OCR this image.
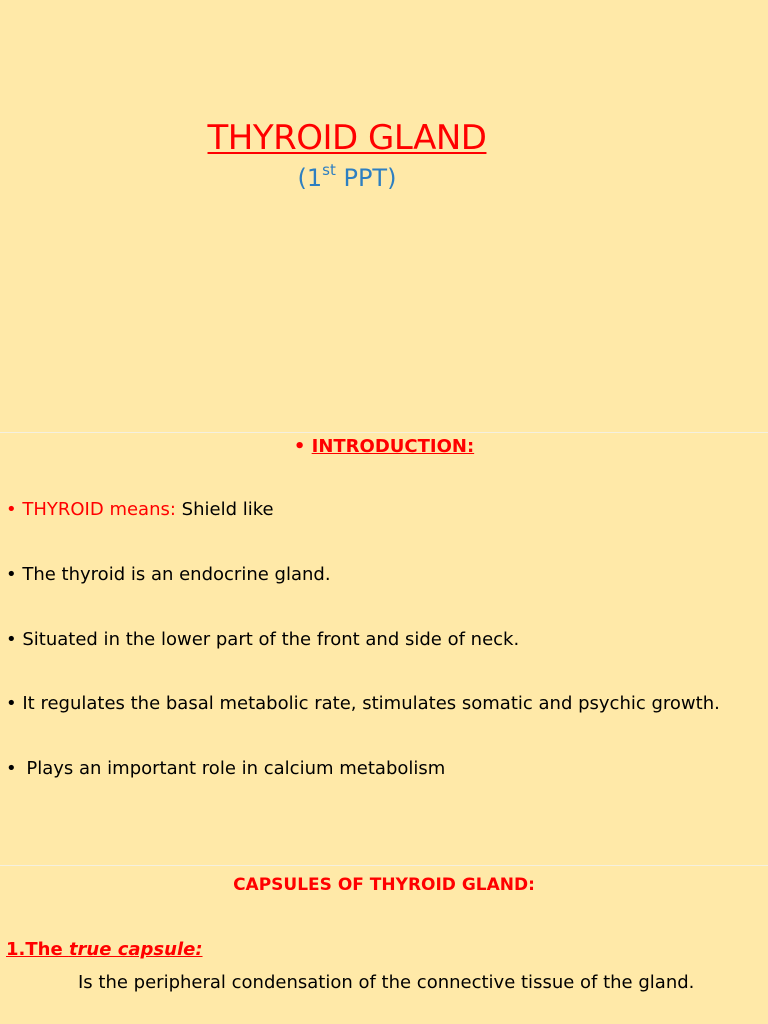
THYROID GLAND
(1st PPT)
• INTRODUCTION:
• THYROID means: Shield like
• The thyroid is an endocrine gland.
• Situated in the lower part of the front and side of neck.
• It regulates the basal metabolic rate, stimulates somatic and psychic growth.
• Plays an important role in calcium metabolism
CAPSULES OF THYROID GLAND:
1.The true capsule:
Is the peripheral condensation of the connective tissue of the gland.
